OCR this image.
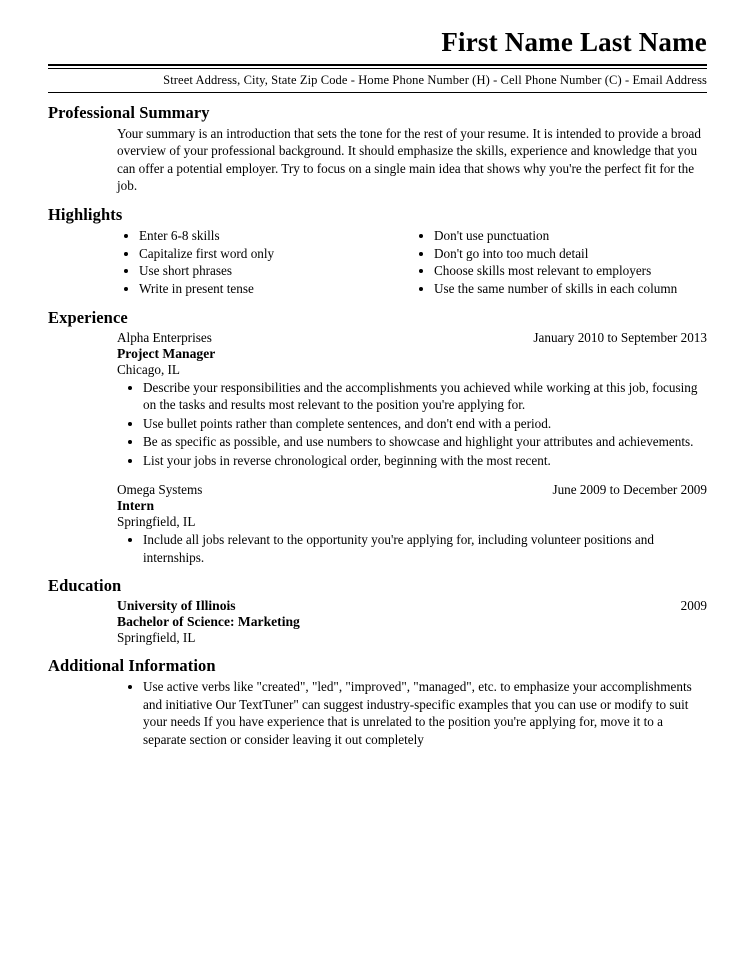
First Name Last Name
Street Address, City, State Zip Code - Home Phone Number (H) - Cell Phone Number (C) - Email Address
Professional Summary

Your summary is an introduction that sets the tone for the rest of your resume. It is intended to provide a broad overview of your professional background. It should emphasize the skills, experience and knowledge that you can offer a potential employer. Try to focus on a single main idea that shows why you're the perfect fit for the job.

Highlights
• Enter 6-8 skills
• Capitalize first word only
• Use short phrases
• Write in present tense
• Don't use punctuation
• Don't go into too much detail
• Choose skills most relevant to employers
• Use the same number of skills in each column
Experience
Alpha Enterprises	January 2010 to September 2013
Project Manager
Chicago, IL
• Describe your responsibilities and the accomplishments you achieved while working at this job, focusing on the tasks and results most relevant to the position you're applying for.
• Use bullet points rather than complete sentences, and don't end with a period.
• Be as specific as possible, and use numbers to showcase and highlight your attributes and achievements.
• List your jobs in reverse chronological order, beginning with the most recent.
Omega Systems	June 2009 to December 2009
Intern
Springfield, IL
• Include all jobs relevant to the opportunity you're applying for, including volunteer positions and internships.
Education
University of Illinois	2009
Bachelor of Science: Marketing
Springfield, IL
Additional Information
• Use active verbs like "created", "led", "improved", "managed", etc. to emphasize your accomplishments and initiative Our TextTuner" can suggest industry-specific examples that you can use or modify to suit your needs If you have experience that is unrelated to the position you're applying for, move it to a separate section or consider leaving it out completely
